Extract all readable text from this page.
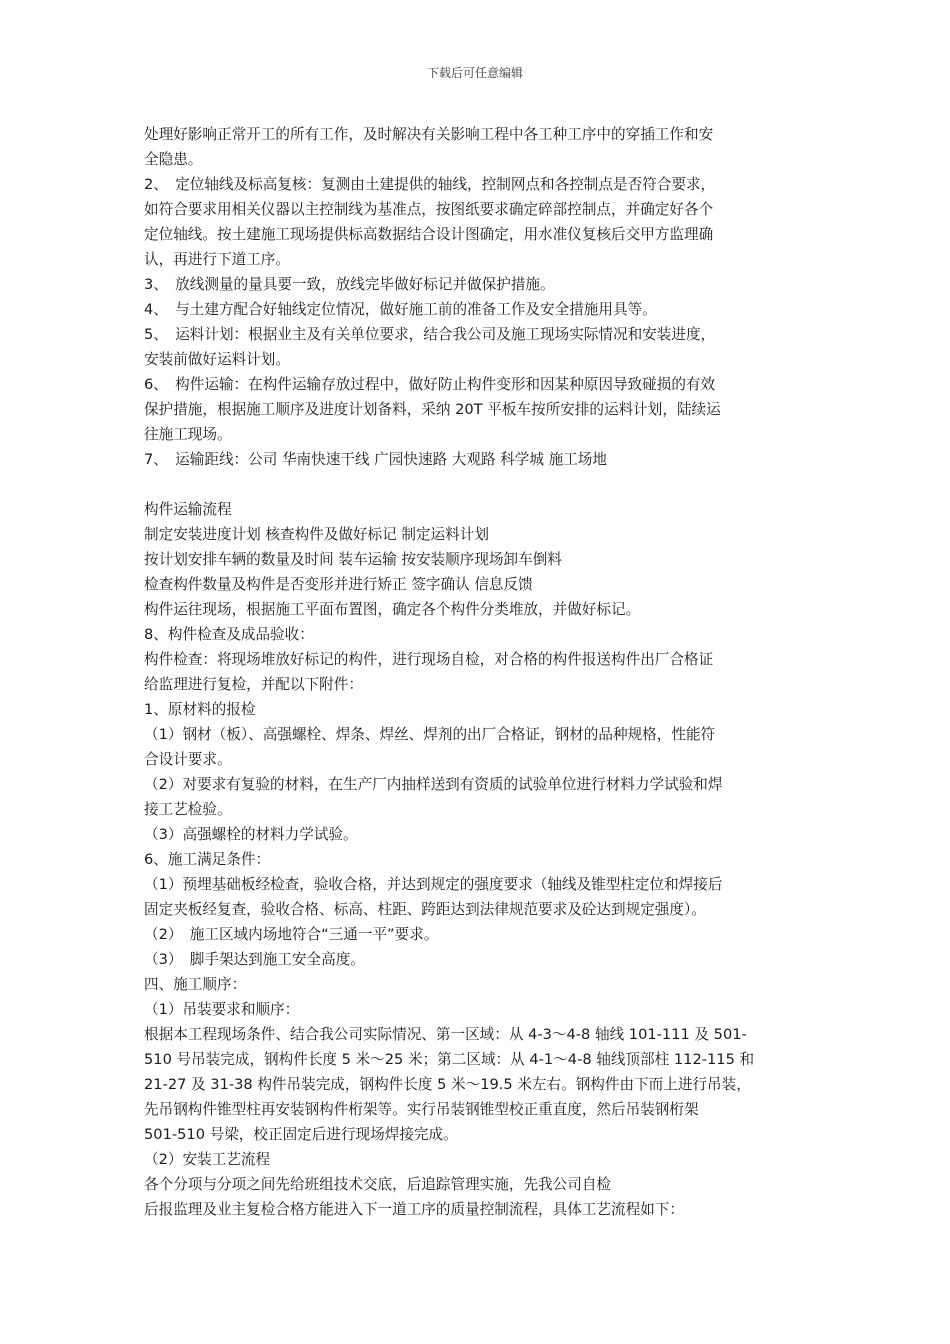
下载后可任意编辑
处理好影响正常开工的所有工作，及时解决有关影响工程中各工种工序中的穿插工作和安
全隐患。
2、　定位轴线及标高复核：复测由土建提供的轴线，控制网点和各控制点是否符合要求，
如符合要求用相关仪器以主控制线为基准点，按图纸要求确定碎部控制点，并确定好各个
定位轴线。按土建施工现场提供标高数据结合设计图确定，用水准仪复核后交甲方监理确
认，再进行下道工序。
3、　放线测量的量具要一致，放线完毕做好标记并做保护措施。
4、　与土建方配合好轴线定位情况，做好施工前的准备工作及安全措施用具等。
5、　运料计划：根据业主及有关单位要求，结合我公司及施工现场实际情况和安装进度，
安装前做好运料计划。
6、　构件运输：在构件运输存放过程中，做好防止构件变形和因某种原因导致碰损的有效
保护措施，根据施工顺序及进度计划备料，采纳 20T 平板车按所安排的运料计划，陆续运
往施工现场。
7、　运输距线：公司 华南快速干线 广园快速路 大观路 科学城 施工场地
构件运输流程
制定安装进度计划 核查构件及做好标记 制定运料计划
按计划安排车辆的数量及时间 装车运输 按安装顺序现场卸车倒料
检查构件数量及构件是否变形并进行矫正 签字确认 信息反馈
构件运往现场，根据施工平面布置图，确定各个构件分类堆放，并做好标记。
8、构件检查及成品验收：
构件检查：将现场堆放好标记的构件，进行现场自检，对合格的构件报送构件出厂合格证
给监理进行复检，并配以下附件：
1、原材料的报检
（1）钢材（板）、高强螺栓、焊条、焊丝、焊剂的出厂合格证，钢材的品种规格，性能符
合设计要求。
（2）对要求有复验的材料，在生产厂内抽样送到有资质的试验单位进行材料力学试验和焊
接工艺检验。
（3）高强螺栓的材料力学试验。
6、施工满足条件：
（1）预埋基础板经检查，验收合格，并达到规定的强度要求（轴线及锥型柱定位和焊接后
固定夹板经复查，验收合格、标高、柱距、跨距达到法律规范要求及砼达到规定强度）。
（2）　施工区域内场地符合“三通一平”要求。
（3）　脚手架达到施工安全高度。
四、施工顺序：
（1）吊装要求和顺序：
根据本工程现场条件、结合我公司实际情况、第一区域：从 4-3～4-8 轴线 101-111 及 501-
510 号吊装完成，钢构件长度 5 米～25 米；第二区域：从 4-1～4-8 轴线顶部柱 112-115 和
21-27 及 31-38 构件吊装完成，钢构件长度 5 米～19.5 米左右。钢构件由下而上进行吊装，
先吊钢构件锥型柱再安装钢构件桁架等。实行吊装钢锥型校正重直度，然后吊装钢桁架
501-510 号梁，校正固定后进行现场焊接完成。
（2）安装工艺流程
各个分项与分项之间先给班组技术交底，后追踪管理实施，先我公司自检
后报监理及业主复检合格方能进入下一道工序的质量控制流程，具体工艺流程如下：
